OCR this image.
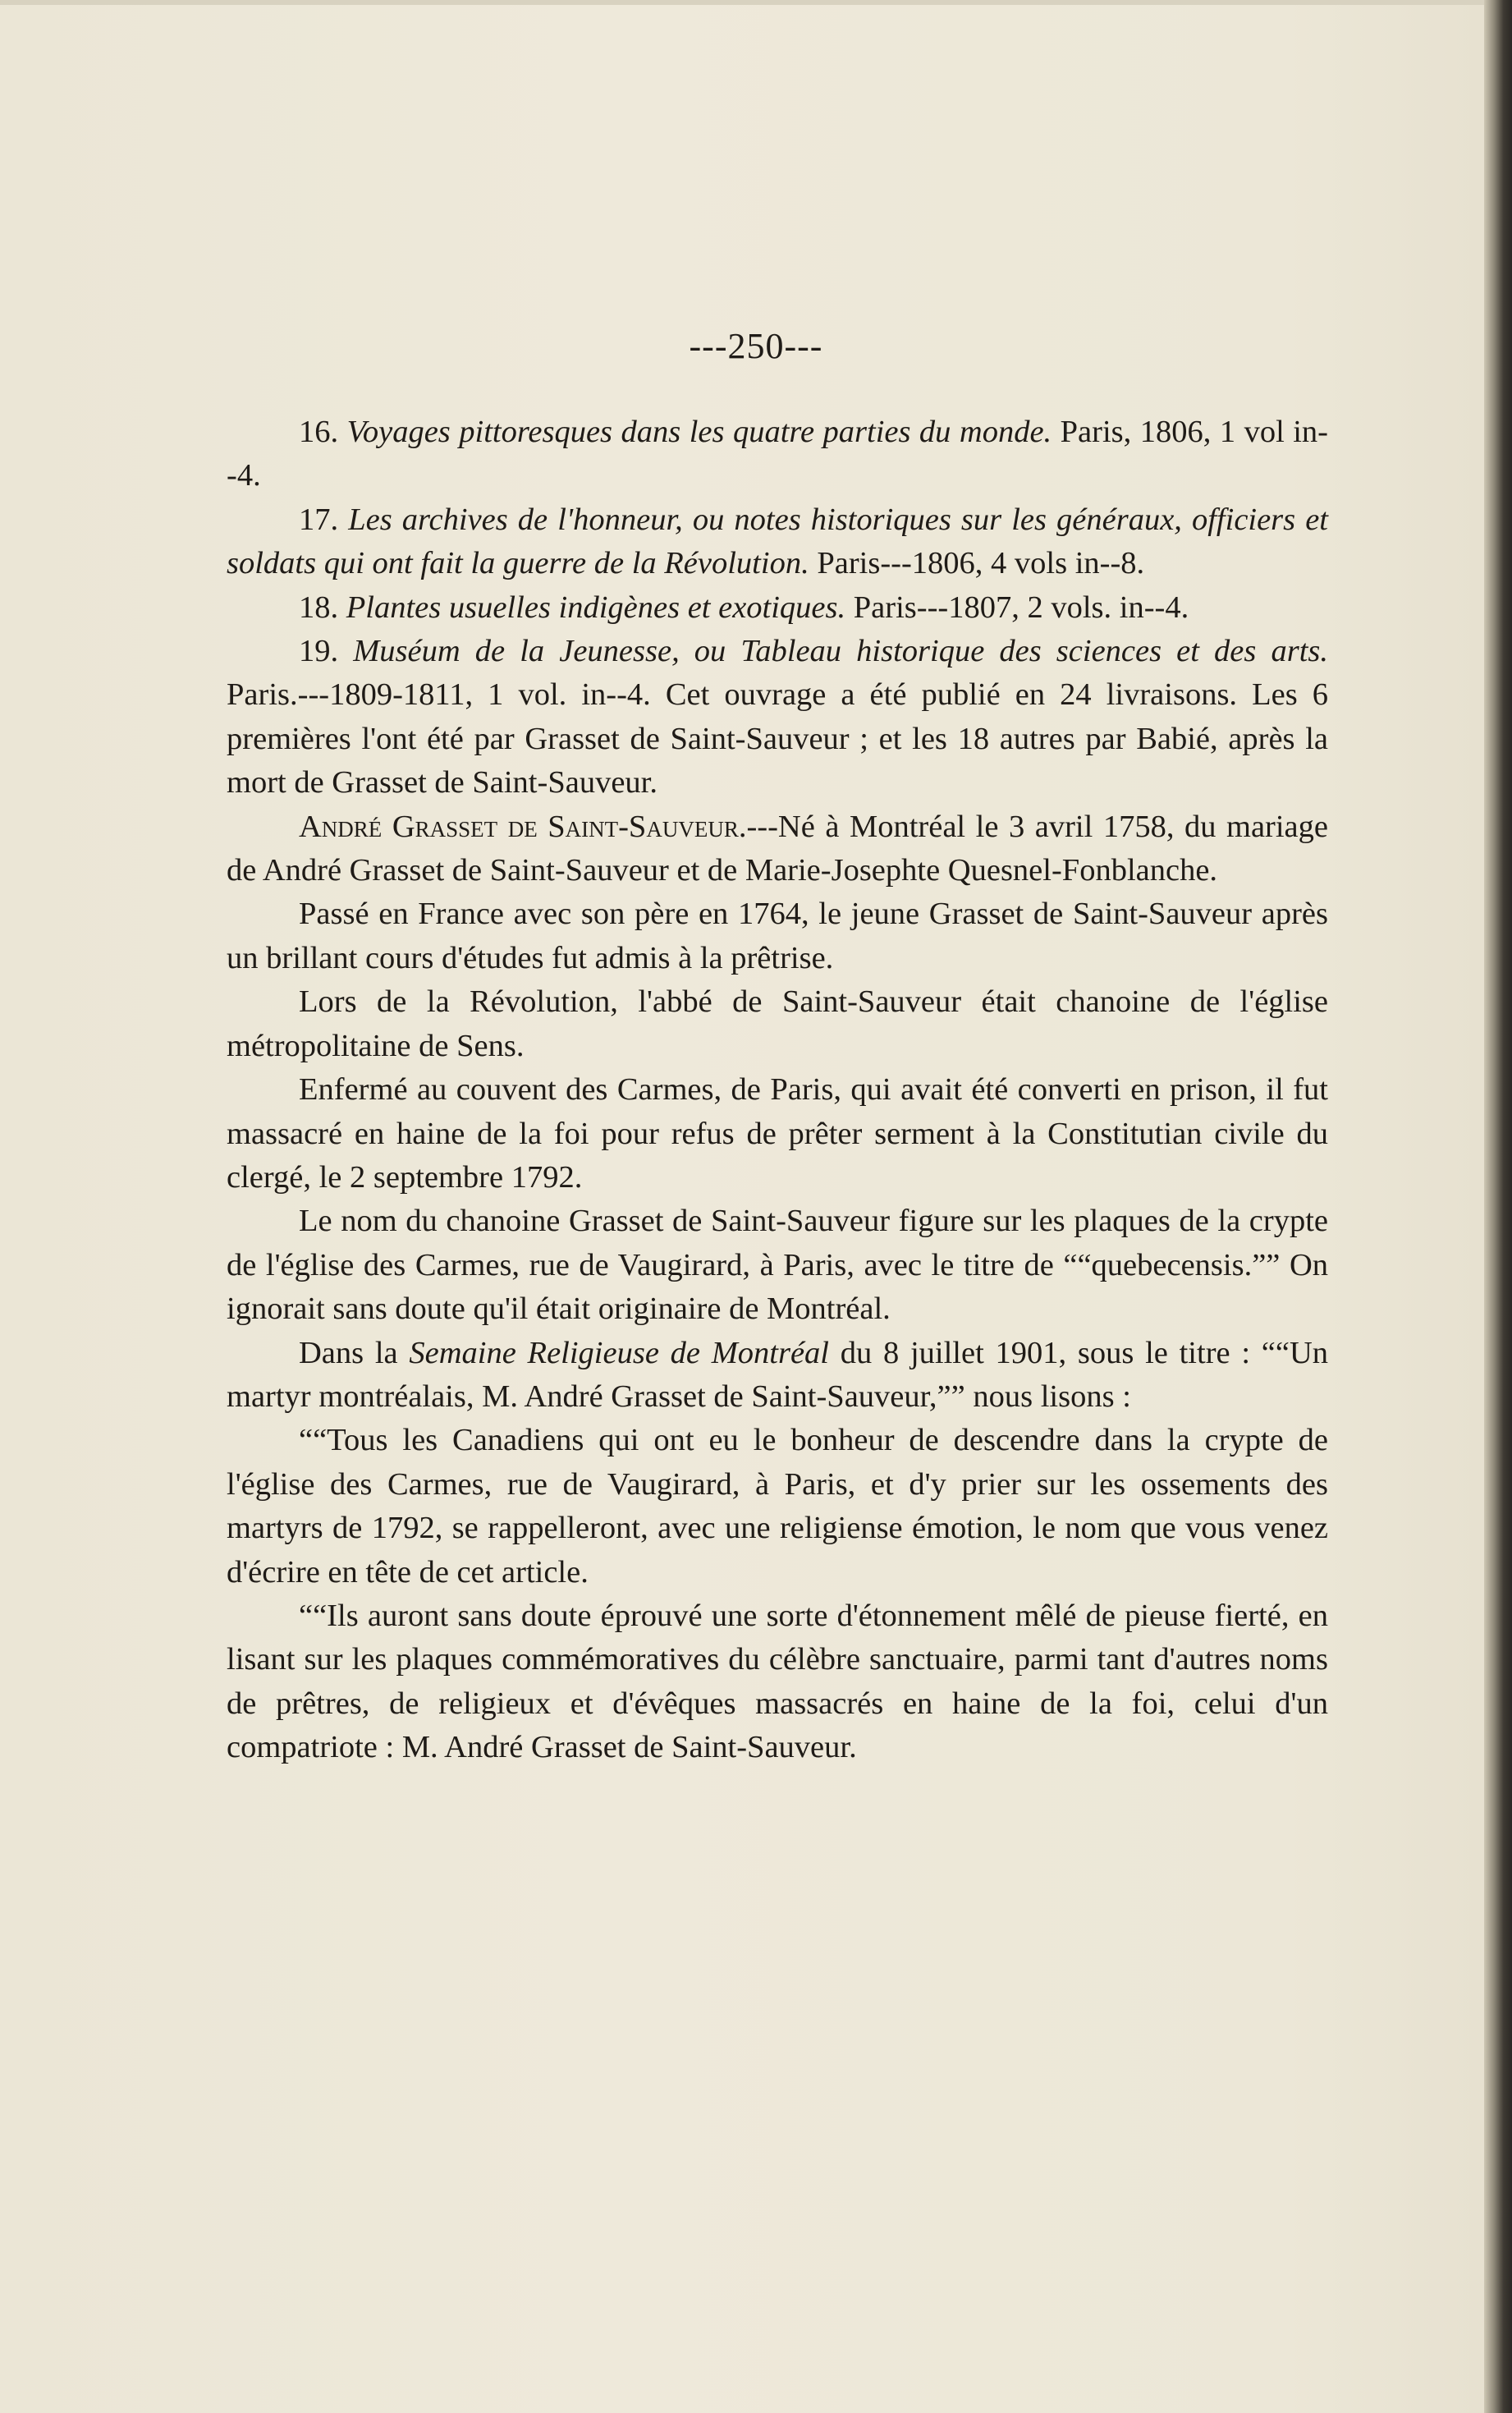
---250---

16. Voyages pittoresques dans les quatre parties du monde. Paris, 1806, 1 vol in--4.

17. Les archives de l'honneur, ou notes historiques sur les généraux, officiers et soldats qui ont fait la guerre de la Révolution. Paris---1806, 4 vols in--8.

18. Plantes usuelles indigènes et exotiques. Paris---1807, 2 vols. in--4.

19. Muséum de la Jeunesse, ou Tableau historique des sciences et des arts. Paris.---1809-1811, 1 vol. in--4. Cet ouvrage a été publié en 24 livraisons. Les 6 premières l'ont été par Grasset de Saint-Sauveur ; et les 18 autres par Babié, après la mort de Grasset de Saint-Sauveur.

André Grasset de Saint-Sauveur.---Né à Montréal le 3 avril 1758, du mariage de André Grasset de Saint-Sauveur et de Marie-Josephte Quesnel-Fonblanche.

Passé en France avec son père en 1764, le jeune Grasset de Saint-Sauveur après un brillant cours d'études fut admis à la prêtrise.

Lors de la Révolution, l'abbé de Saint-Sauveur était chanoine de l'église métropolitaine de Sens.

Enfermé au couvent des Carmes, de Paris, qui avait été converti en prison, il fut massacré en haine de la foi pour refus de prêter serment à la Constitutian civile du clergé, le 2 septembre 1792.

Le nom du chanoine Grasset de Saint-Sauveur figure sur les plaques de la crypte de l'église des Carmes, rue de Vaugirard, à Paris, avec le titre de ““quebecensis.”” On ignorait sans doute qu'il était originaire de Montréal.

Dans la Semaine Religieuse de Montréal du 8 juillet 1901, sous le titre : ““Un martyr montréalais, M. André Grasset de Saint-Sauveur,”” nous lisons :

““Tous les Canadiens qui ont eu le bonheur de descendre dans la crypte de l'église des Carmes, rue de Vaugirard, à Paris, et d'y prier sur les ossements des martyrs de 1792, se rappelleront, avec une religiense émotion, le nom que vous venez d'écrire en tête de cet article.

““Ils auront sans doute éprouvé une sorte d'étonnement mêlé de pieuse fierté, en lisant sur les plaques commémoratives du célèbre sanctuaire, parmi tant d'autres noms de prêtres, de religieux et d'évêques massacrés en haine de la foi, celui d'un compatriote : M. André Grasset de Saint-Sauveur.
